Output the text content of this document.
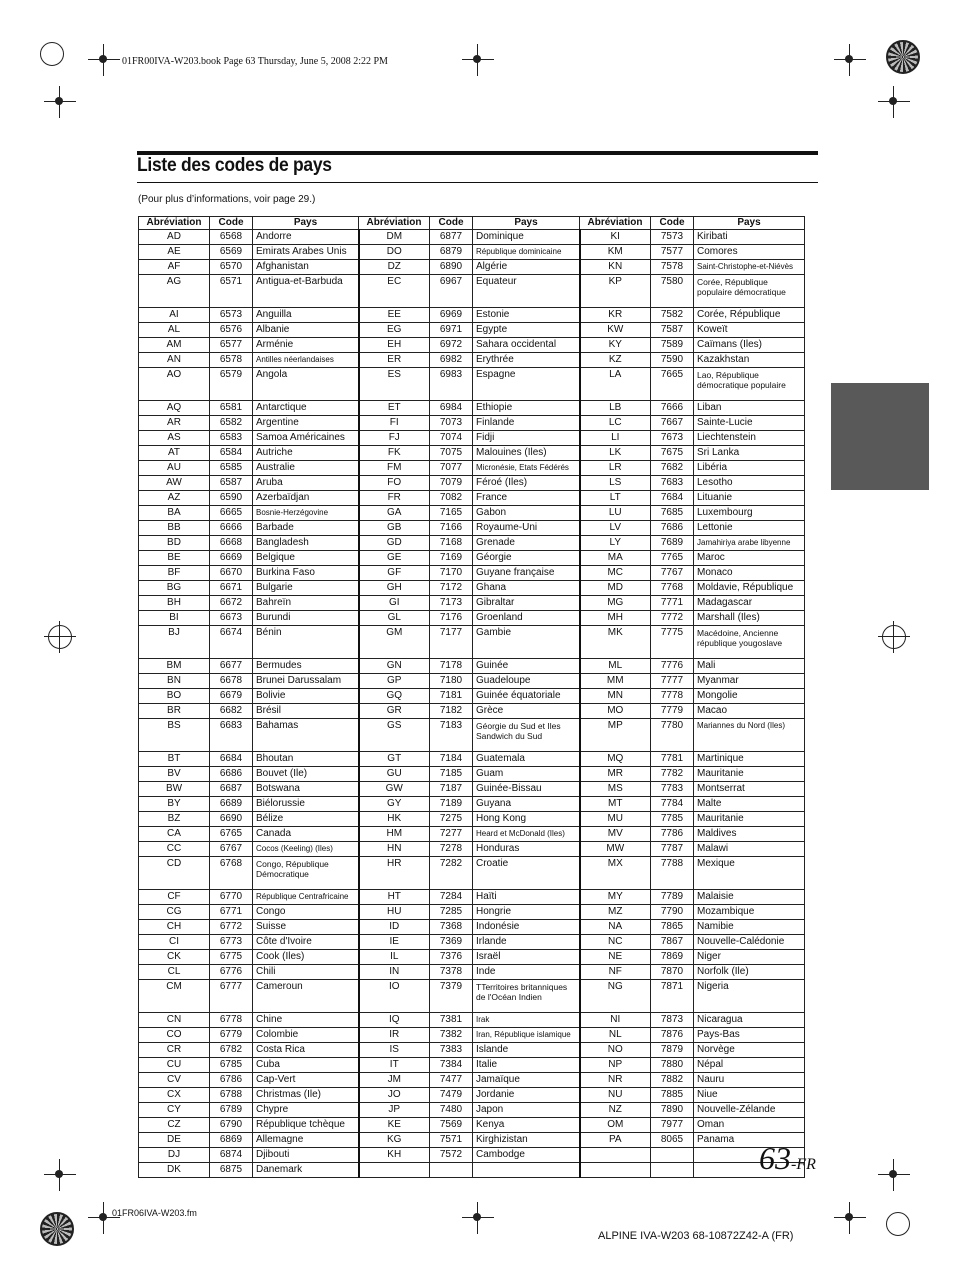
01FR00IVA-W203.book Page 63 Thursday, June 5, 2008 2:22 PM
Liste des codes de pays
(Pour plus d’informations, voir page 29.)
Abréviation	Code	Pays	Abréviation	Code	Pays	Abréviation	Code	Pays
AD	6568	Andorre	DM	6877	Dominique	KI	7573	Kiribati
AE	6569	Emirats Arabes Unis	DO	6879	République dominicaine	KM	7577	Comores
AF	6570	Afghanistan	DZ	6890	Algérie	KN	7578	Saint-Christophe-et-Niévès
AG	6571	Antigua-et-Barbuda	EC	6967	Equateur	KP	7580	Corée, République populaire démocratique
AI	6573	Anguilla	EE	6969	Estonie	KR	7582	Corée, République
AL	6576	Albanie	EG	6971	Egypte	KW	7587	Koweït
AM	6577	Arménie	EH	6972	Sahara occidental	KY	7589	Caïmans (Iles)
AN	6578	Antilles néerlandaises	ER	6982	Erythrée	KZ	7590	Kazakhstan
AO	6579	Angola	ES	6983	Espagne	LA	7665	Lao, République démocratique populaire
AQ	6581	Antarctique	ET	6984	Ethiopie	LB	7666	Liban
AR	6582	Argentine	FI	7073	Finlande	LC	7667	Sainte-Lucie
AS	6583	Samoa Américaines	FJ	7074	Fidji	LI	7673	Liechtenstein
AT	6584	Autriche	FK	7075	Malouines (Iles)	LK	7675	Sri Lanka
AU	6585	Australie	FM	7077	Micronésie, Etats Fédérés	LR	7682	Libéria
AW	6587	Aruba	FO	7079	Féroé (Iles)	LS	7683	Lesotho
AZ	6590	Azerbaïdjan	FR	7082	France	LT	7684	Lituanie
BA	6665	Bosnie-Herzégovine	GA	7165	Gabon	LU	7685	Luxembourg
BB	6666	Barbade	GB	7166	Royaume-Uni	LV	7686	Lettonie
BD	6668	Bangladesh	GD	7168	Grenade	LY	7689	Jamahiriya arabe libyenne
BE	6669	Belgique	GE	7169	Géorgie	MA	7765	Maroc
BF	6670	Burkina Faso	GF	7170	Guyane française	MC	7767	Monaco
BG	6671	Bulgarie	GH	7172	Ghana	MD	7768	Moldavie, République
BH	6672	Bahreïn	GI	7173	Gibraltar	MG	7771	Madagascar
BI	6673	Burundi	GL	7176	Groenland	MH	7772	Marshall (Iles)
BJ	6674	Bénin	GM	7177	Gambie	MK	7775	Macédoine, Ancienne république yougoslave
BM	6677	Bermudes	GN	7178	Guinée	ML	7776	Mali
BN	6678	Brunei Darussalam	GP	7180	Guadeloupe	MM	7777	Myanmar
BO	6679	Bolivie	GQ	7181	Guinée équatoriale	MN	7778	Mongolie
BR	6682	Brésil	GR	7182	Grèce	MO	7779	Macao
BS	6683	Bahamas	GS	7183	Géorgie du Sud et Iles Sandwich du Sud	MP	7780	Mariannes du Nord (Iles)
BT	6684	Bhoutan	GT	7184	Guatemala	MQ	7781	Martinique
BV	6686	Bouvet (Ile)	GU	7185	Guam	MR	7782	Mauritanie
BW	6687	Botswana	GW	7187	Guinée-Bissau	MS	7783	Montserrat
BY	6689	Biélorussie	GY	7189	Guyana	MT	7784	Malte
BZ	6690	Bélize	HK	7275	Hong Kong	MU	7785	Mauritanie
CA	6765	Canada	HM	7277	Heard et McDonald (Iles)	MV	7786	Maldives
CC	6767	Cocos (Keeling) (Iles)	HN	7278	Honduras	MW	7787	Malawi
CD	6768	Congo, République Démocratique	HR	7282	Croatie	MX	7788	Mexique
CF	6770	République Centrafricaine	HT	7284	Haïti	MY	7789	Malaisie
CG	6771	Congo	HU	7285	Hongrie	MZ	7790	Mozambique
CH	6772	Suisse	ID	7368	Indonésie	NA	7865	Namibie
CI	6773	Côte d'Ivoire	IE	7369	Irlande	NC	7867	Nouvelle-Calédonie
CK	6775	Cook (Iles)	IL	7376	Israël	NE	7869	Niger
CL	6776	Chili	IN	7378	Inde	NF	7870	Norfolk (Ile)
CM	6777	Cameroun	IO	7379	TTerritoires britanniques de l'Océan Indien	NG	7871	Nigeria
CN	6778	Chine	IQ	7381	Irak	NI	7873	Nicaragua
CO	6779	Colombie	IR	7382	Iran, République islamique	NL	7876	Pays-Bas
CR	6782	Costa Rica	IS	7383	Islande	NO	7879	Norvège
CU	6785	Cuba	IT	7384	Italie	NP	7880	Népal
CV	6786	Cap-Vert	JM	7477	Jamaïque	NR	7882	Nauru
CX	6788	Christmas (Ile)	JO	7479	Jordanie	NU	7885	Niue
CY	6789	Chypre	JP	7480	Japon	NZ	7890	Nouvelle-Zélande
CZ	6790	République tchèque	KE	7569	Kenya	OM	7977	Oman
DE	6869	Allemagne	KG	7571	Kirghizistan	PA	8065	Panama
DJ	6874	Djibouti	KH	7572	Cambodge			
DK	6875	Danemark							63-FR
01FR06IVA-W203.fm
ALPINE IVA-W203 68-10872Z42-A (FR)
